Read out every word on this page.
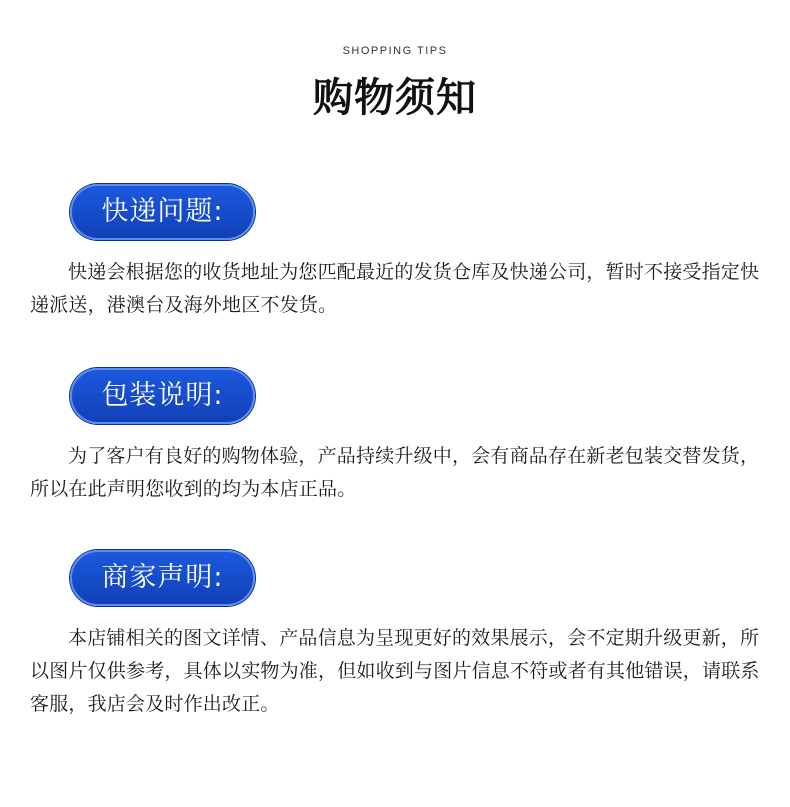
SHOPPING TIPS
购物须知
快递问题:
快递会根据您的收货地址为您匹配最近的发货仓库及快递公司，暂时不接受指定快递派送，港澳台及海外地区不发货。
包装说明:
为了客户有良好的购物体验，产品持续升级中，会有商品存在新老包装交替发货，所以在此声明您收到的均为本店正品。
商家声明:
本店铺相关的图文详情、产品信息为呈现更好的效果展示，会不定期升级更新，所以图片仅供参考，具体以实物为准，但如收到与图片信息不符或者有其他错误，请联系客服，我店会及时作出改正。
